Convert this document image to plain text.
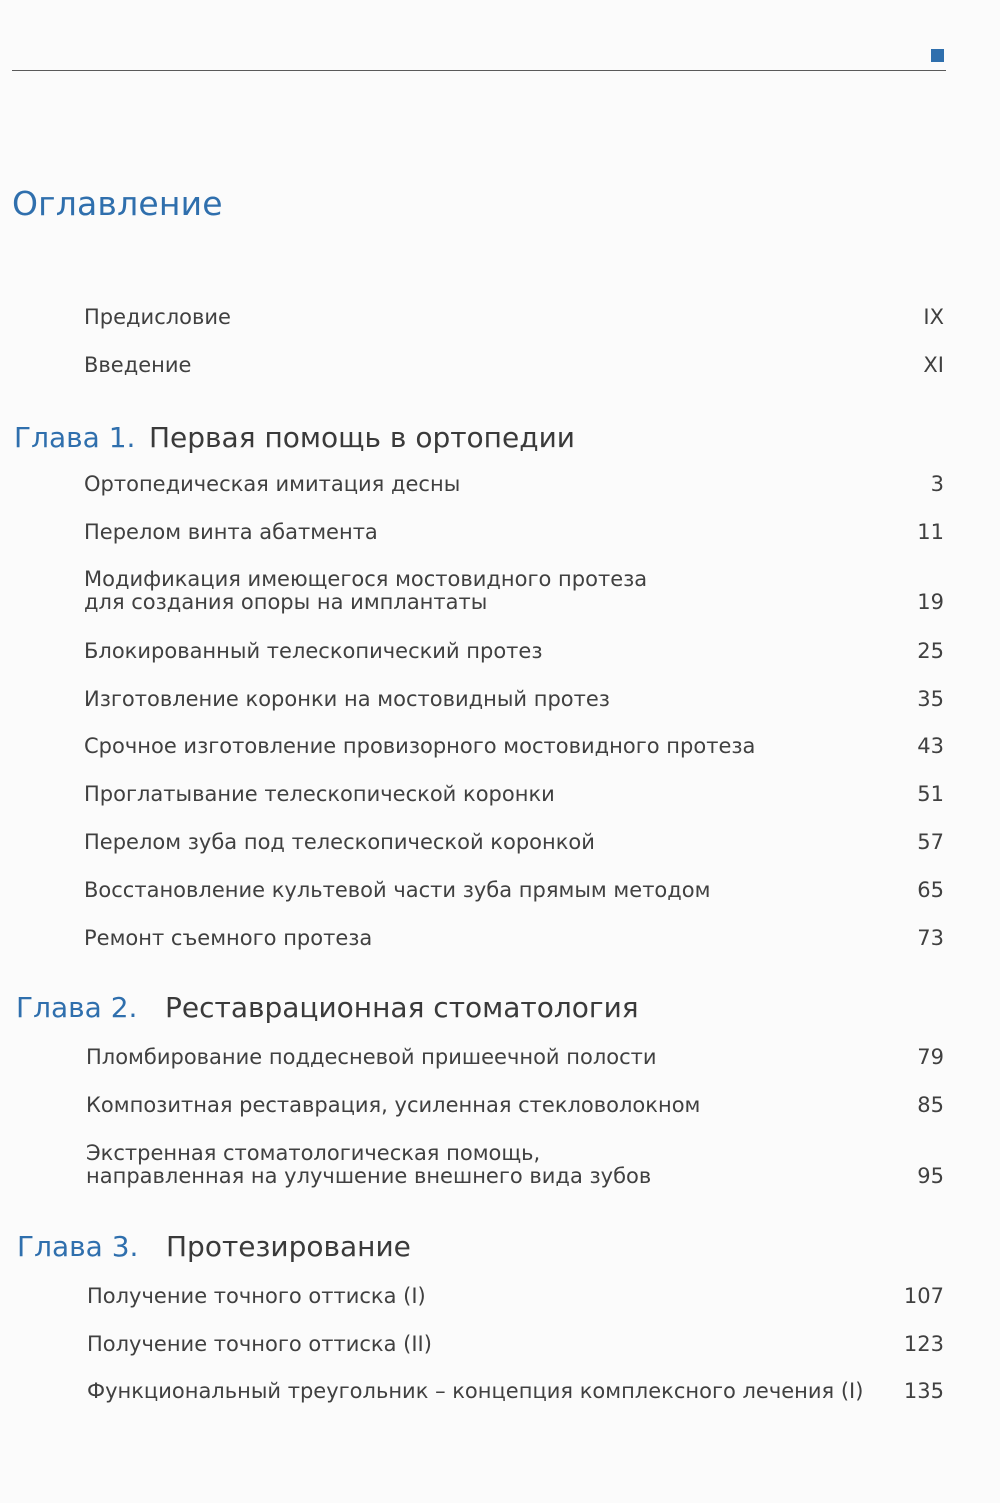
Оглавление
Предисловие	IX
Введение	XI
Глава 1. Первая помощь в ортопедии
Ортопедическая имитация десны	3
Перелом винта абатмента	11
Модификация имеющегося мостовидного протеза
для создания опоры на имплантаты	19
Блокированный телескопический протез	25
Изготовление коронки на мостовидный протез	35
Срочное изготовление провизорного мостовидного протеза	43
Проглатывание телескопической коронки	51
Перелом зуба под телескопической коронкой	57
Восстановление культевой части зуба прямым методом	65
Ремонт съемного протеза	73
Глава 2. Реставрационная стоматология
Пломбирование поддесневой пришеечной полости	79
Композитная реставрация, усиленная стекловолокном	85
Экстренная стоматологическая помощь,
направленная на улучшение внешнего вида зубов	95
Глава 3. Протезирование
Получение точного оттиска (I)	107
Получение точного оттиска (II)	123
Функциональный треугольник – концепция комплексного лечения (I) 135
